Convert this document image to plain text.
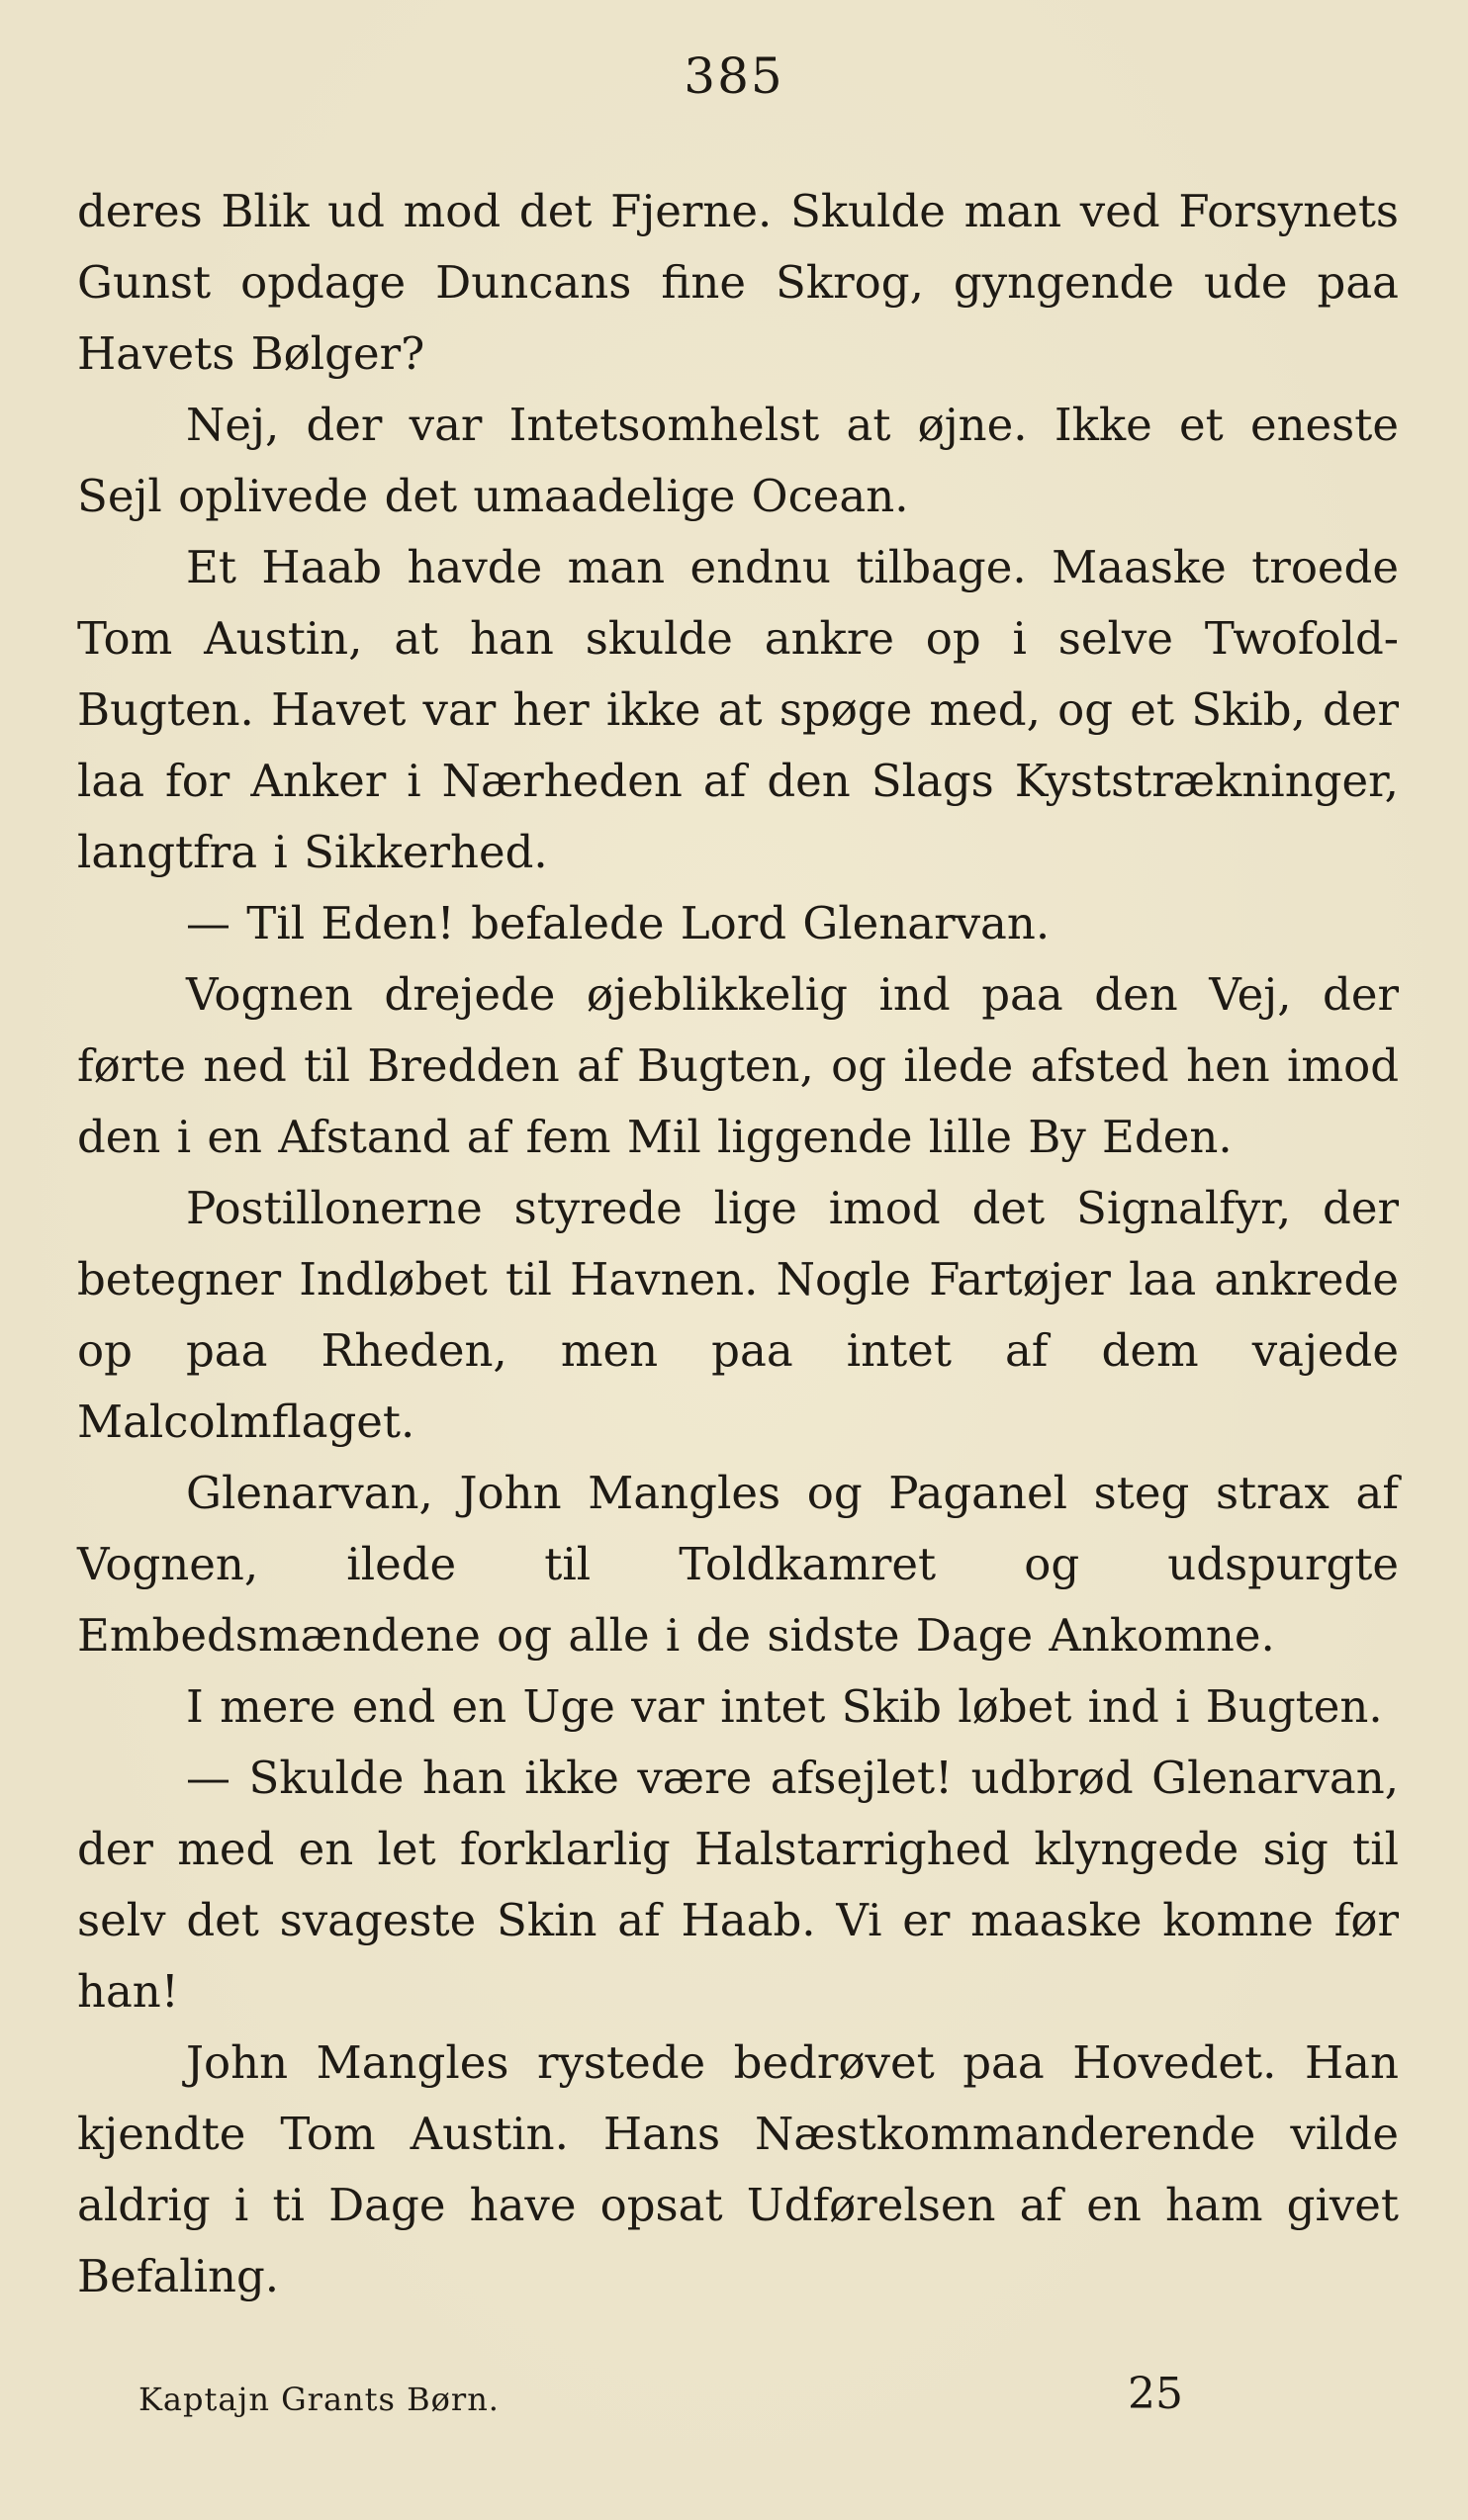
385

deres Blik ud mod det Fjerne. Skulde man ved Forsynets Gunst opdage Duncans fine Skrog, gyngende ude paa Havets Bølger?

Nej, der var Intetsomhelst at øjne. Ikke et eneste Sejl oplivede det umaadelige Ocean.

Et Haab havde man endnu tilbage. Maaske troede Tom Austin, at han skulde ankre op i selve Twofold-Bugten. Havet var her ikke at spøge med, og et Skib, der laa for Anker i Nærheden af den Slags Kyststrækninger, langtfra i Sikkerhed.

— Til Eden! befalede Lord Glenarvan.

Vognen drejede øjeblikkelig ind paa den Vej, der førte ned til Bredden af Bugten, og ilede afsted hen imod den i en Afstand af fem Mil liggende lille By Eden.

Postillonerne styrede lige imod det Signalfyr, der betegner Indløbet til Havnen. Nogle Fartøjer laa ankrede op paa Rheden, men paa intet af dem vajede Malcolmflaget.

Glenarvan, John Mangles og Paganel steg strax af Vognen, ilede til Toldkamret og udspurgte Embedsmændene og alle i de sidste Dage Ankomne.

I mere end en Uge var intet Skib løbet ind i Bugten.

— Skulde han ikke være afsejlet! udbrød Glenarvan, der med en let forklarlig Halstarrighed klyngede sig til selv det svageste Skin af Haab. Vi er maaske komne før han!

John Mangles rystede bedrøvet paa Hovedet. Han kjendte Tom Austin. Hans Næstkommanderende vilde aldrig i ti Dage have opsat Udførelsen af en ham givet Befaling.

Kaptajn Grants Børn.	25
